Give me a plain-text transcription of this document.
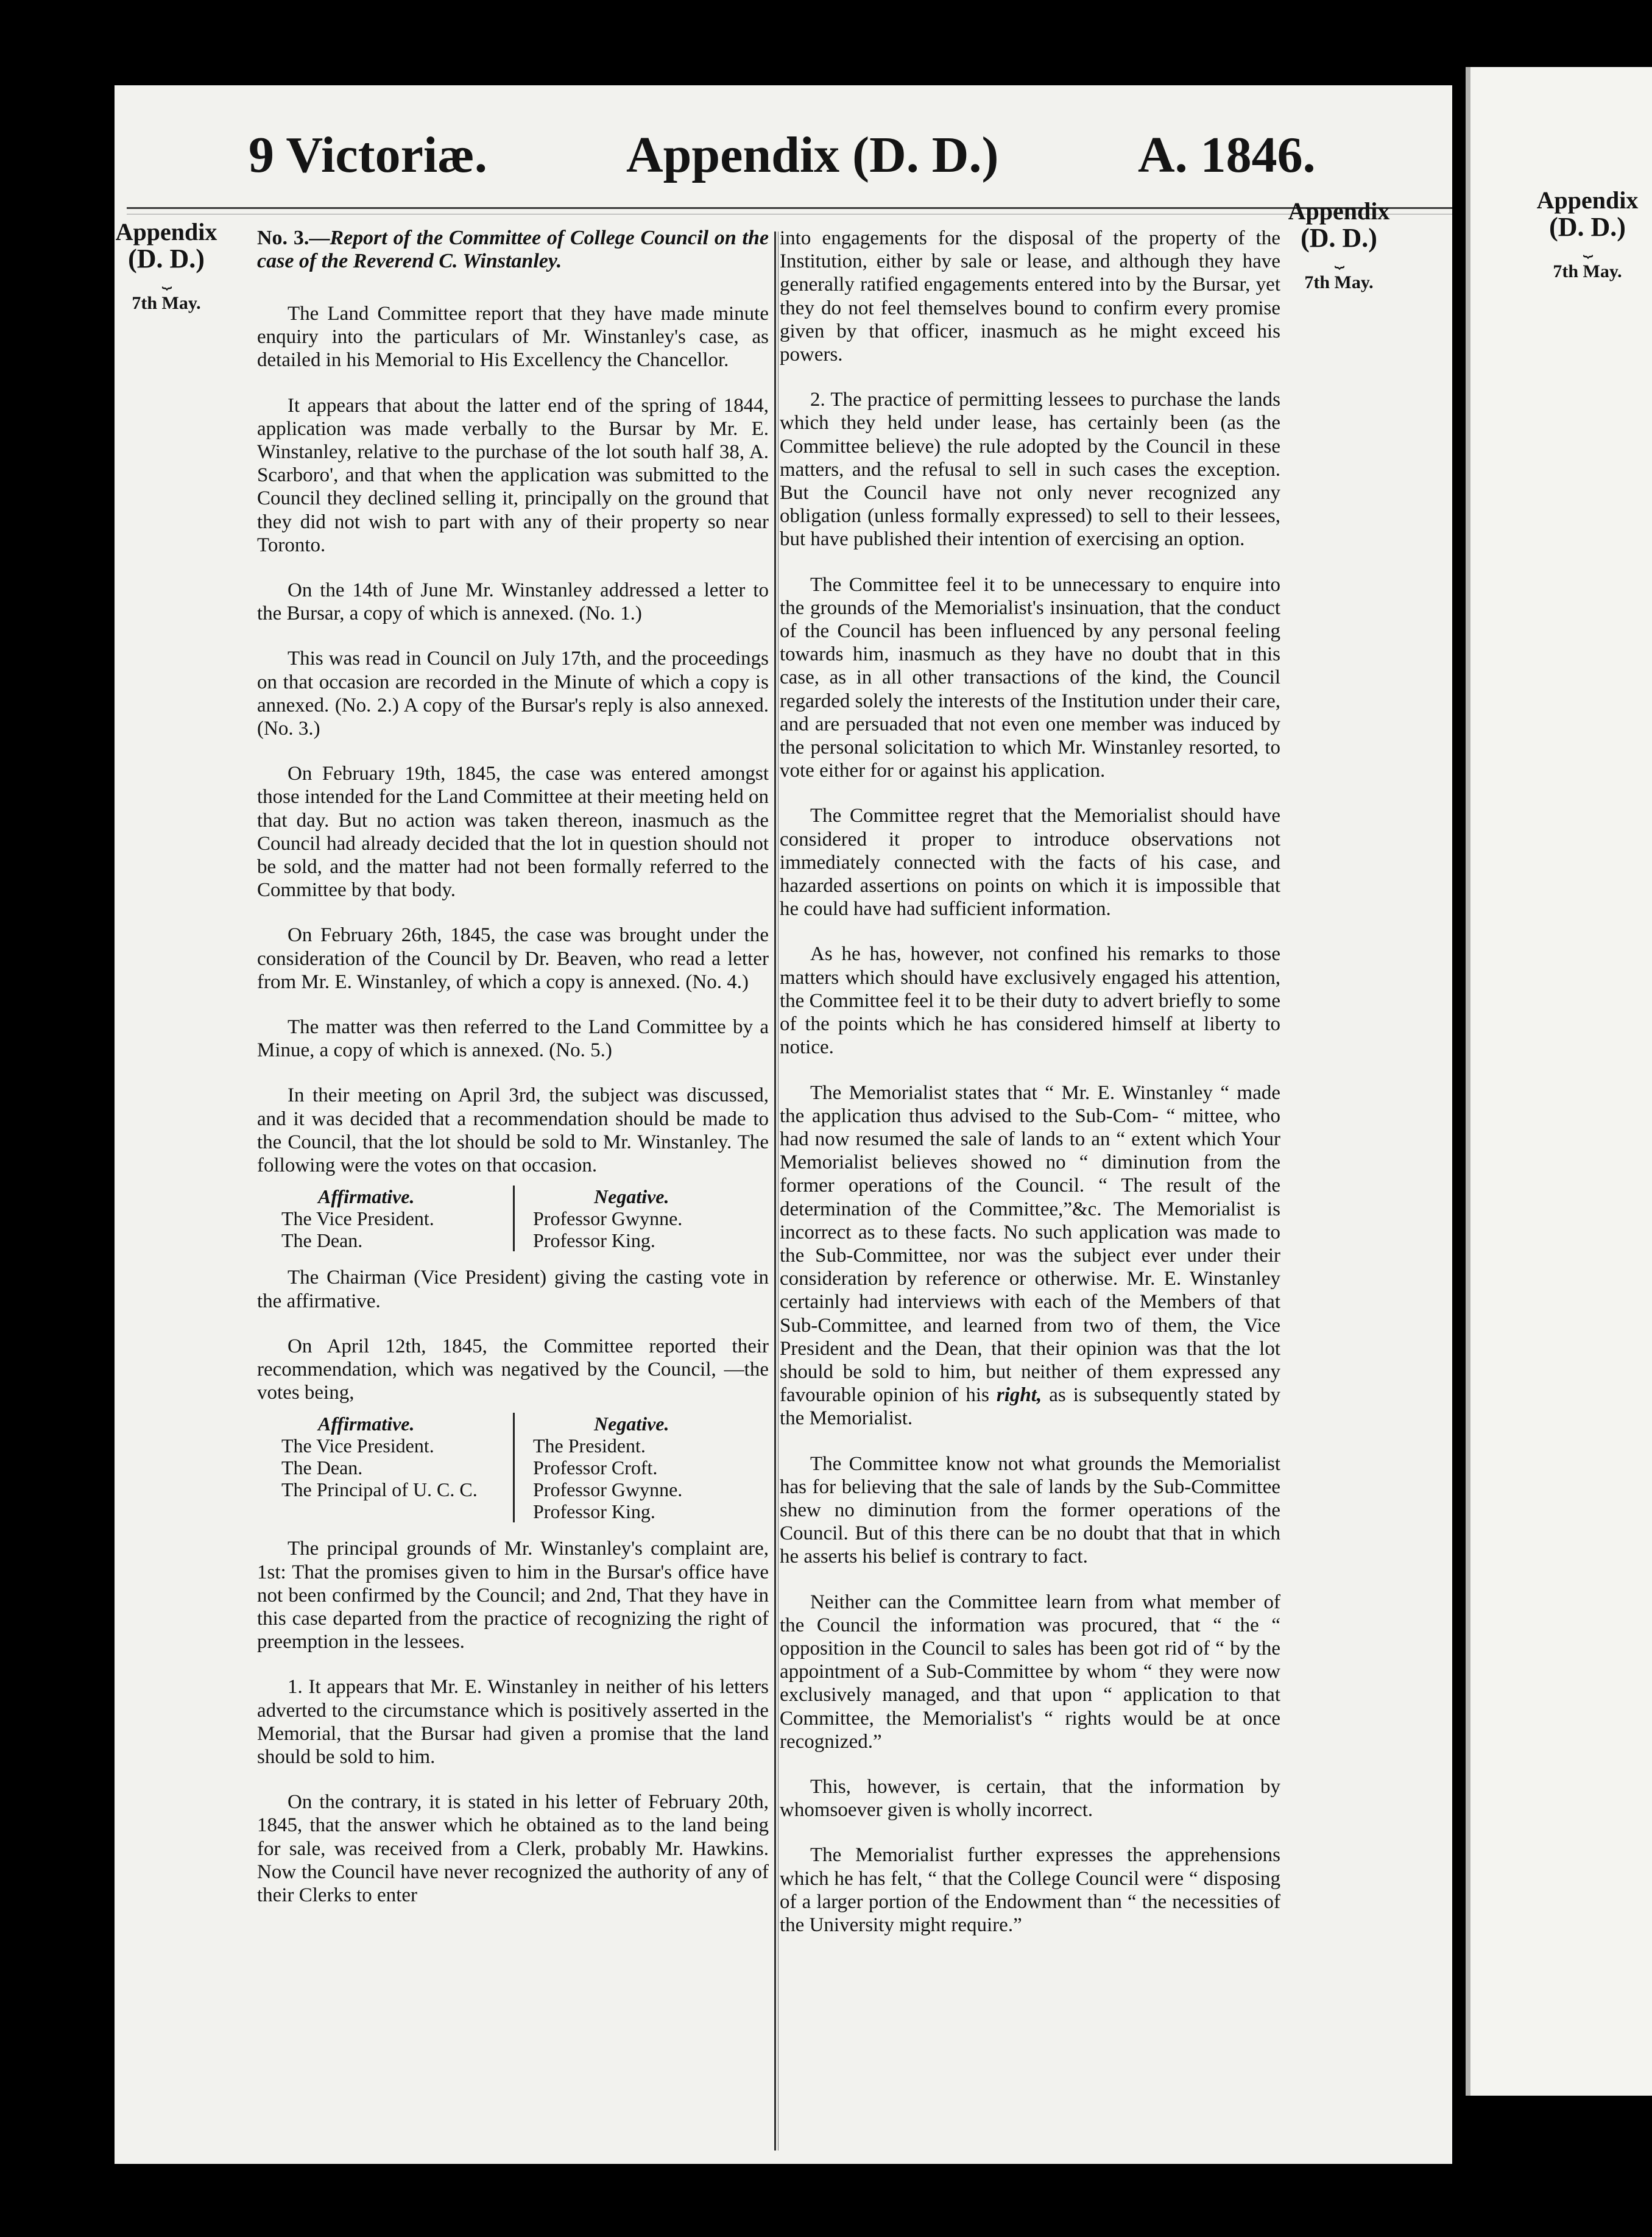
Appendix
(D. D.)
⏟
7th May.
9 Victoriæ.	Appendix (D. D.)	A. 1846.
Appendix
(D. D.)
⏟
7th May.
Appendix
(D. D.)
⏟
7th May.

No. 3.—Report of the Committee of College Council on the case of the Reverend C. Winstanley.

The Land Committee report that they have made minute enquiry into the particulars of Mr. Winstanley's case, as detailed in his Memorial to His Excellency the Chancellor.

It appears that about the latter end of the spring of 1844, application was made verbally to the Bursar by Mr. E. Winstanley, relative to the purchase of the lot south half 38, A. Scarboro', and that when the application was submitted to the Council they declined selling it, principally on the ground that they did not wish to part with any of their property so near Toronto.

On the 14th of June Mr. Winstanley addressed a letter to the Bursar, a copy of which is annexed. (No. 1.)

This was read in Council on July 17th, and the proceedings on that occasion are recorded in the Minute of which a copy is annexed. (No. 2.) A copy of the Bursar's reply is also annexed. (No. 3.)

On February 19th, 1845, the case was entered amongst those intended for the Land Committee at their meeting held on that day. But no action was taken thereon, inasmuch as the Council had already decided that the lot in question should not be sold, and the matter had not been formally referred to the Committee by that body.

On February 26th, 1845, the case was brought under the consideration of the Council by Dr. Beaven, who read a letter from Mr. E. Winstanley, of which a copy is annexed. (No. 4.)

The matter was then referred to the Land Committee by a Minue, a copy of which is annexed. (No. 5.)

In their meeting on April 3rd, the subject was discussed, and it was decided that a recommendation should be made to the Council, that the lot should be sold to Mr. Winstanley. The following were the votes on that occasion.

Affirmative.
The Vice President.
The Dean.
Negative.
Professor Gwynne.
Professor King.

The Chairman (Vice President) giving the casting vote in the affirmative.

On April 12th, 1845, the Committee reported their recommendation, which was negatived by the Council, —the votes being,

Affirmative.
The Vice President.
The Dean.
The Principal of U. C. C.
Negative.
The President.
Professor Croft.
Professor Gwynne.
Professor King.

The principal grounds of Mr. Winstanley's complaint are, 1st: That the promises given to him in the Bursar's office have not been confirmed by the Council; and 2nd, That they have in this case departed from the practice of recognizing the right of preemption in the lessees.

1. It appears that Mr. E. Winstanley in neither of his letters adverted to the circumstance which is positively asserted in the Memorial, that the Bursar had given a promise that the land should be sold to him.

On the contrary, it is stated in his letter of February 20th, 1845, that the answer which he obtained as to the land being for sale, was received from a Clerk, probably Mr. Hawkins. Now the Council have never recognized the authority of any of their Clerks to enter

into engagements for the disposal of the property of the Institution, either by sale or lease, and although they have generally ratified engagements entered into by the Bursar, yet they do not feel themselves bound to confirm every promise given by that officer, inasmuch as he might exceed his powers.

2. The practice of permitting lessees to purchase the lands which they held under lease, has certainly been (as the Committee believe) the rule adopted by the Council in these matters, and the refusal to sell in such cases the exception. But the Council have not only never recognized any obligation (unless formally expressed) to sell to their lessees, but have published their intention of exercising an option.

The Committee feel it to be unnecessary to enquire into the grounds of the Memorialist's insinuation, that the conduct of the Council has been influenced by any personal feeling towards him, inasmuch as they have no doubt that in this case, as in all other transactions of the kind, the Council regarded solely the interests of the Institution under their care, and are persuaded that not even one member was induced by the personal solicitation to which Mr. Winstanley resorted, to vote either for or against his application.

The Committee regret that the Memorialist should have considered it proper to introduce observations not immediately connected with the facts of his case, and hazarded assertions on points on which it is impossible that he could have had sufficient information.

As he has, however, not confined his remarks to those matters which should have exclusively engaged his attention, the Committee feel it to be their duty to advert briefly to some of the points which he has considered himself at liberty to notice.

The Memorialist states that “ Mr. E. Winstanley “ made the application thus advised to the Sub-Com- “ mittee, who had now resumed the sale of lands to an “ extent which Your Memorialist believes showed no “ diminution from the former operations of the Council. “ The result of the determination of the Committee,”&c. The Memorialist is incorrect as to these facts. No such application was made to the Sub-Committee, nor was the subject ever under their consideration by reference or otherwise. Mr. E. Winstanley certainly had interviews with each of the Members of that Sub-Committee, and learned from two of them, the Vice President and the Dean, that their opinion was that the lot should be sold to him, but neither of them expressed any favourable opinion of his right, as is subsequently stated by the Memorialist.

The Committee know not what grounds the Memorialist has for believing that the sale of lands by the Sub-Committee shew no diminution from the former operations of the Council. But of this there can be no doubt that that in which he asserts his belief is contrary to fact.

Neither can the Committee learn from what member of the Council the information was procured, that “ the “ opposition in the Council to sales has been got rid of “ by the appointment of a Sub-Committee by whom “ they were now exclusively managed, and that upon “ application to that Committee, the Memorialist's “ rights would be at once recognized.”

This, however, is certain, that the information by whomsoever given is wholly incorrect.

The Memorialist further expresses the apprehensions which he has felt, “ that the College Council were “ disposing of a larger portion of the Endowment than “ the necessities of the University might require.”
